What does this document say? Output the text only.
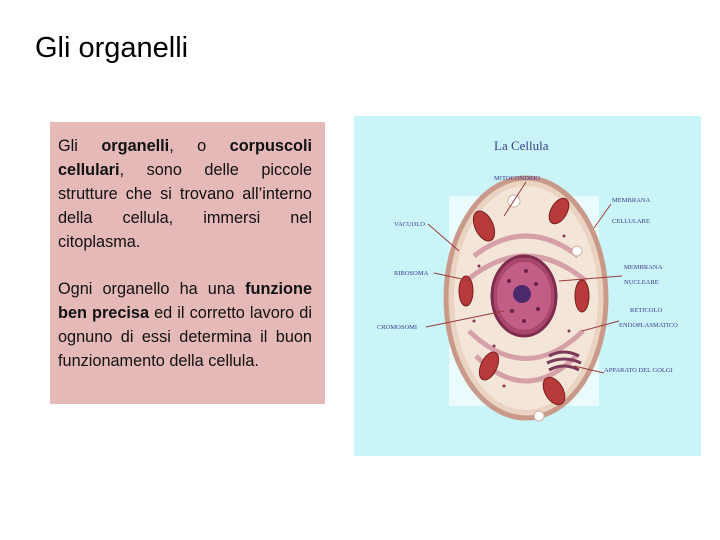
Gli organelli

Gli organelli, o corpuscoli cellulari, sono delle piccole strutture che si trovano all’interno della cellula, immersi nel citoplasma.

Ogni organello ha una funzione ben precisa ed il corretto lavoro di ognuno di essi determina il buon funzionamento della cellula.

La Cellula
MITOCONDRIO
MEMBRANA
CELLULARE
VACUOLO
MEMBRANA
NUCLEARE
RIBOSOMA
RETICOLO
ENDOPLASMATICO
CROMOSOMI
APPARATO DEL GOLGI
